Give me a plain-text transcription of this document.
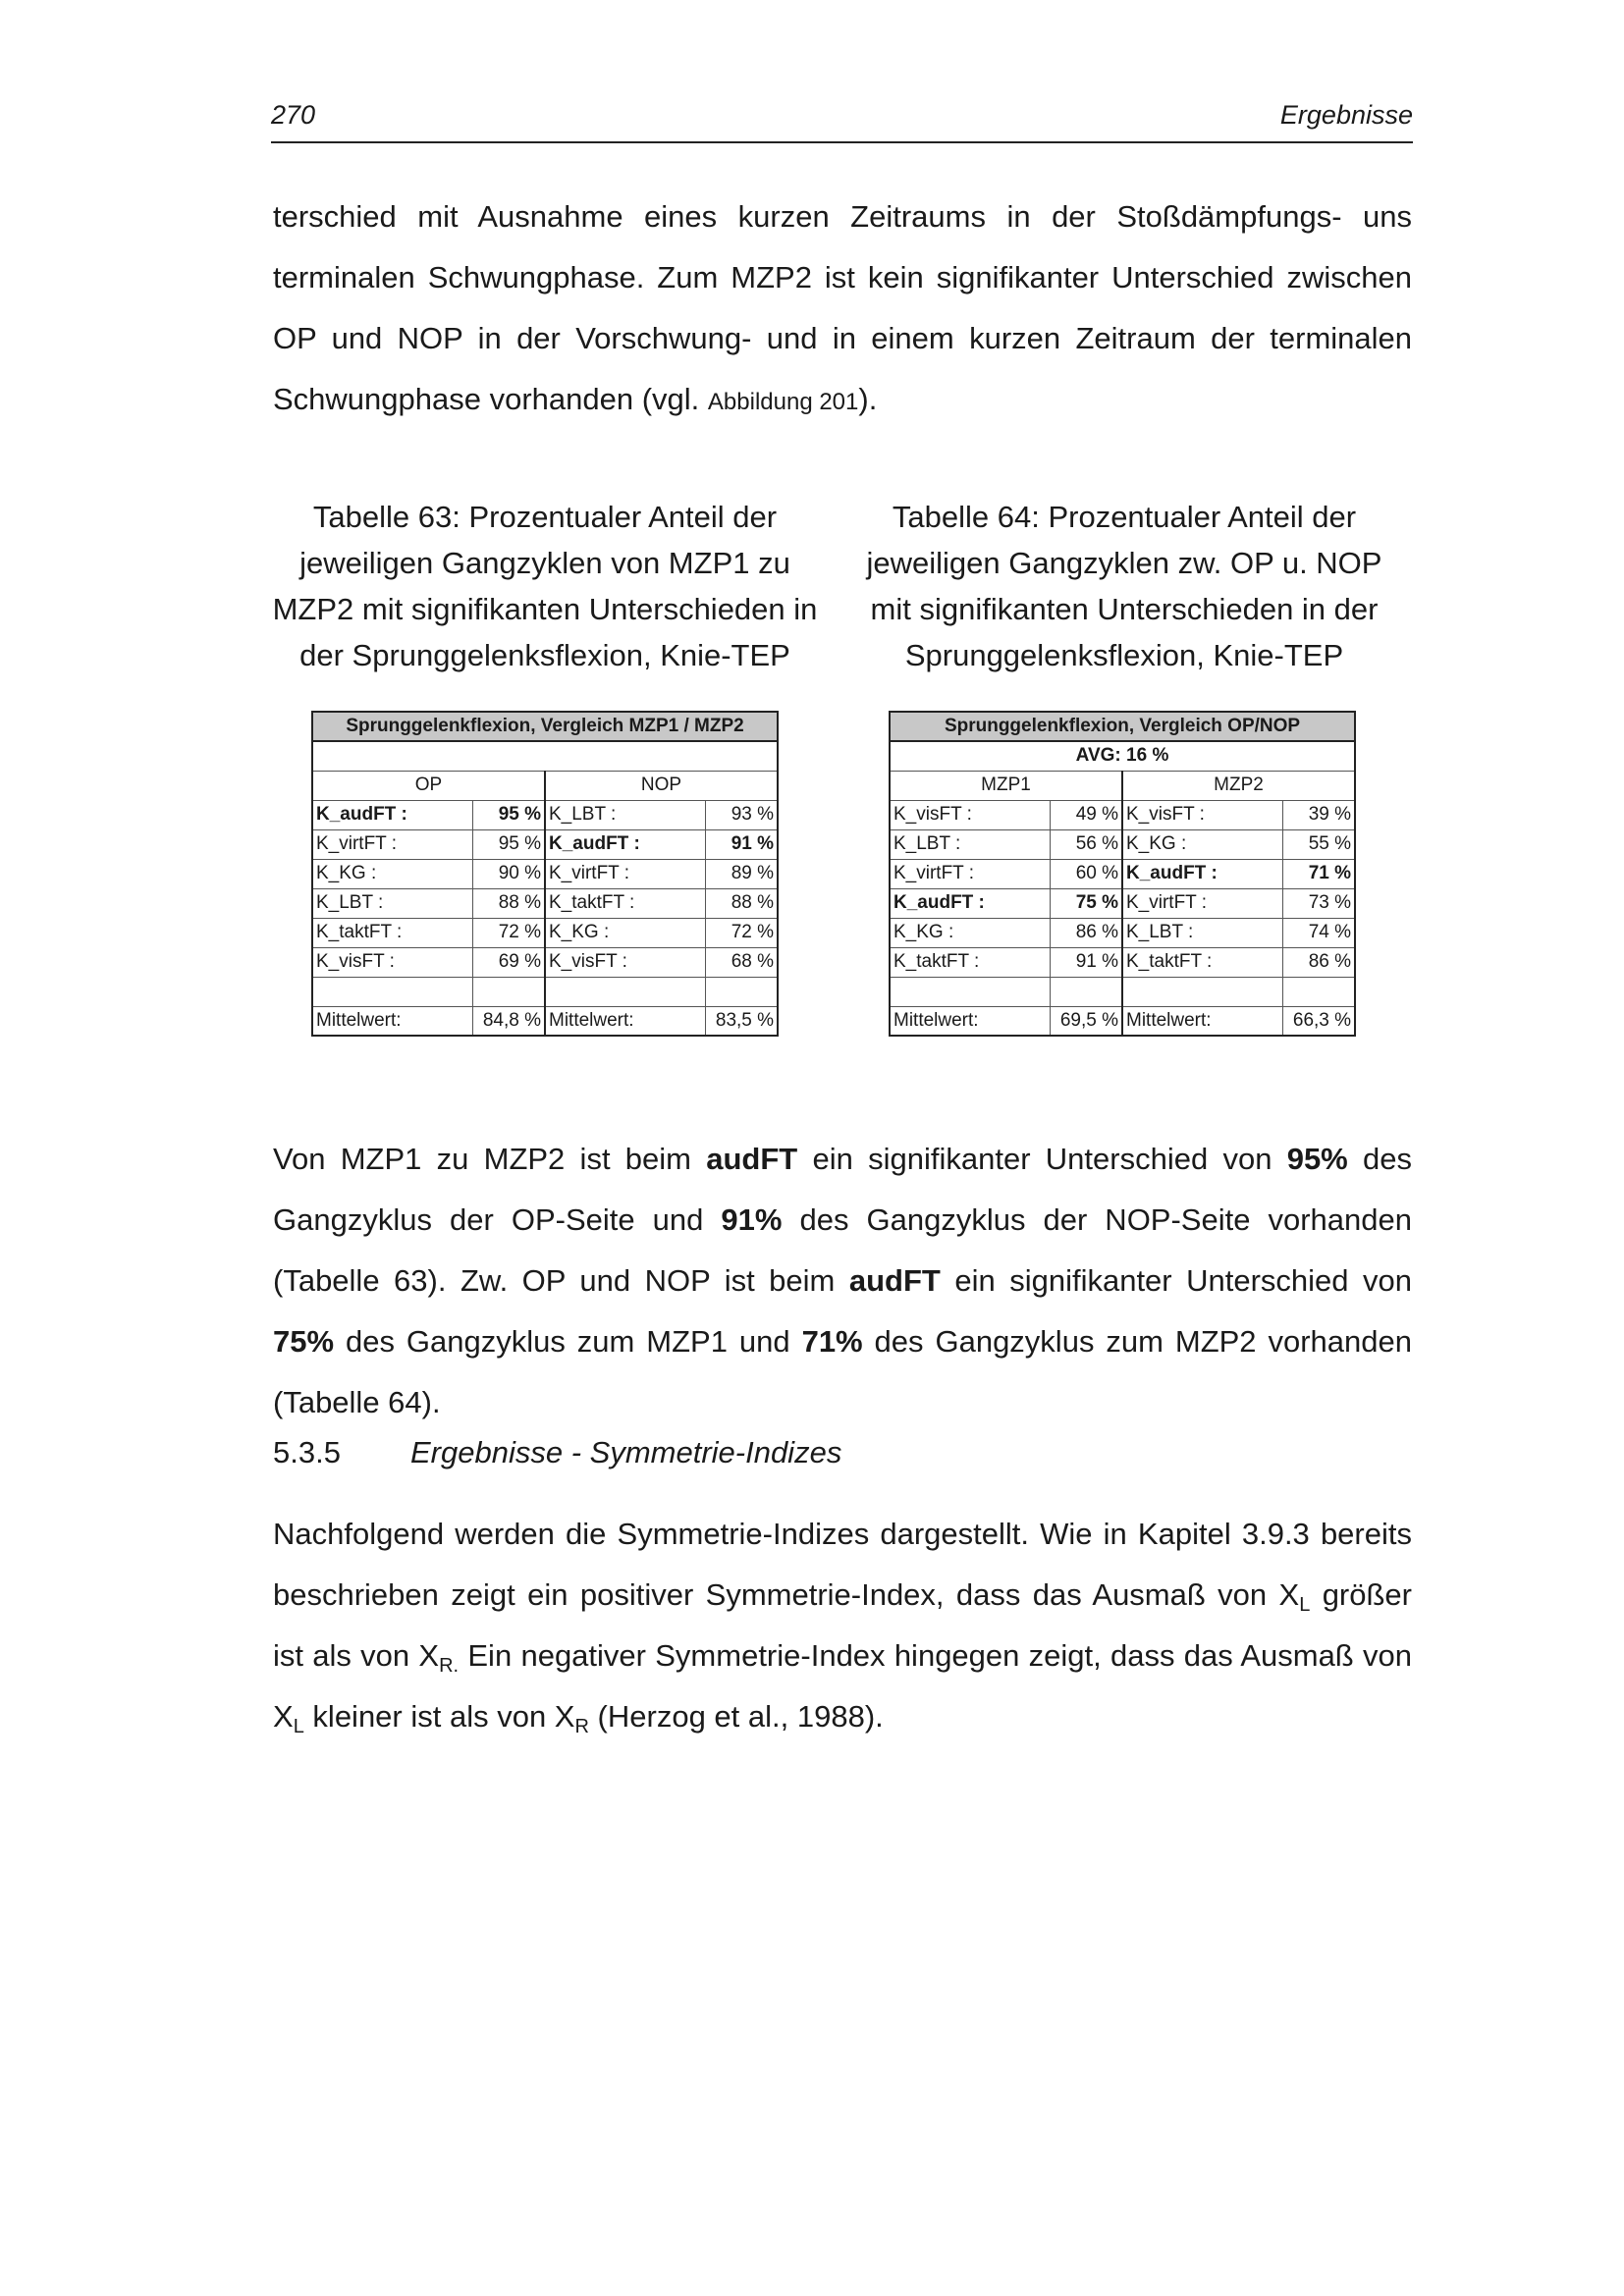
270	Ergebnisse

terschied mit Ausnahme eines kurzen Zeitraums in der Stoßdämpfungs- uns terminalen Schwungphase. Zum MZP2 ist kein signifikanter Unterschied zwischen OP und NOP in der Vorschwung- und in einem kurzen Zeitraum der terminalen Schwungphase vorhanden (vgl. Abbildung 201).

Tabelle 63: Prozentualer Anteil der jeweiligen Gangzyklen von MZP1 zu MZP2 mit signifikanten Unterschieden in der Sprunggelenksflexion, Knie-TEP
Tabelle 64: Prozentualer Anteil der jeweiligen Gangzyklen zw. OP u. NOP mit signifikanten Unterschieden in der Sprunggelenksflexion, Knie-TEP
Sprunggelenkflexion, Vergleich MZP1 / MZP2			

OP		NOP	
K_audFT :	95 %	K_LBT :	93 %
K_virtFT :	95 %	K_audFT :	91 %
K_KG :	90 %	K_virtFT :	89 %
K_LBT :	88 %	K_taktFT :	88 %
K_taktFT :	72 %	K_KG :	72 %
K_visFT :	69 %	K_visFT :	68 %

Mittelwert:	84,8 %	Mittelwert:	83,5 %
Sprunggelenkflexion, Vergleich OP/NOP			
AVG: 16 %			
MZP1		MZP2	
K_visFT :	49 %	K_visFT :	39 %
K_LBT :	56 %	K_KG :	55 %
K_virtFT :	60 %	K_audFT :	71 %
K_audFT :	75 %	K_virtFT :	73 %
K_KG :	86 %	K_LBT :	74 %
K_taktFT :	91 %	K_taktFT :	86 %

Mittelwert:	69,5 %	Mittelwert:	66,3 %

Von MZP1 zu MZP2 ist beim audFT ein signifikanter Unterschied von 95% des Gangzyklus der OP-Seite und 91% des Gangzyklus der NOP-Seite vorhanden (Tabelle 63). Zw. OP und NOP ist beim audFT ein signifikanter Unterschied von 75% des Gangzyklus zum MZP1 und 71% des Gangzyklus zum MZP2 vorhanden (Tabelle 64).

5.3.5 Ergebnisse - Symmetrie-Indizes

Nachfolgend werden die Symmetrie-Indizes dargestellt. Wie in Kapitel 3.9.3 bereits beschrieben zeigt ein positiver Symmetrie-Index, dass das Ausmaß von $X_L$ größer ist als von $X_{R.}$ Ein negativer Symmetrie-Index hingegen zeigt, dass das Ausmaß von $X_L$ kleiner ist als von $X_R$ (Herzog et al., 1988).
